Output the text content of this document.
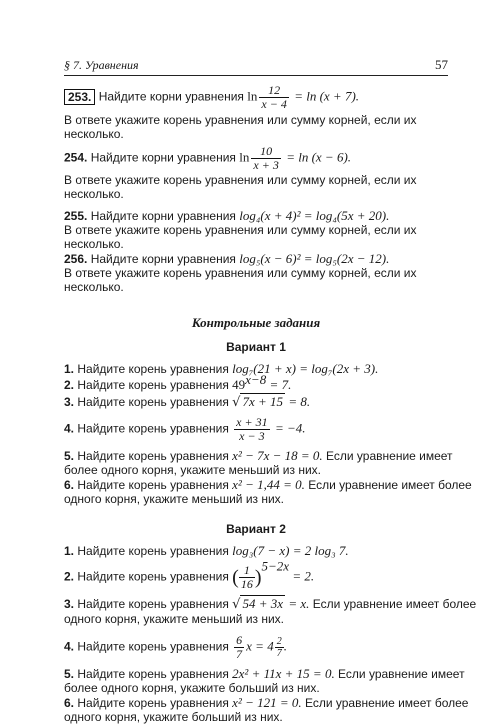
§ 7. Уравнения	57
253. Найдите корни уравнения $\ln \frac{12}{x - 4} = \ln (x + 7)$.
В ответе укажите корень уравнения или сумму корней, если их несколько.
254. Найдите корни уравнения $\ln \frac{10}{x + 3} = \ln (x - 6)$.
В ответе укажите корень уравнения или сумму корней, если их несколько.
255. Найдите корни уравнения log₄(x + 4)² = log₄(5x + 20).
В ответе укажите корень уравнения или сумму корней, если их несколько.
256. Найдите корни уравнения log₅(x − 6)² = log₅(2x − 12).
В ответе укажите корень уравнения или сумму корней, если их несколько.
Контрольные задания
Вариант 1
1. Найдите корень уравнения log₇(21 + x) = log₇(2x + 3).
2. Найдите корень уравнения $49^{x-8} = 7$.
3. Найдите корень уравнения √ 7x + 15 = 8.
4. Найдите корень уравнения $\frac{x + 31}{x - 3} = -4$.
5. Найдите корень уравнения x² − 7x − 18 = 0. Если уравнение имеет
более одного корня, укажите меньший из них.
6. Найдите корень уравнения x² − 1,44 = 0. Если уравнение имеет более
одного корня, укажите меньший из них.
Вариант 2
1. Найдите корень уравнения log₃(7 − x) = 2 log₃ 7.
2. Найдите корень уравнения ( $\frac{1}{16} )^{5-2x} = 2$.
3. Найдите корень уравнения √ 54 + 3x = x. Если уравнение имеет более
одного корня, укажите меньший из них.
4. Найдите корень уравнения $\frac{6}{7}$ $x = 4 \frac{2}{7}$ .
5. Найдите корень уравнения 2x² + 11x + 15 = 0. Если уравнение имеет
более одного корня, укажите больший из них.
6. Найдите корень уравнения x² − 121 = 0. Если уравнение имеет более
одного корня, укажите больший из них.
